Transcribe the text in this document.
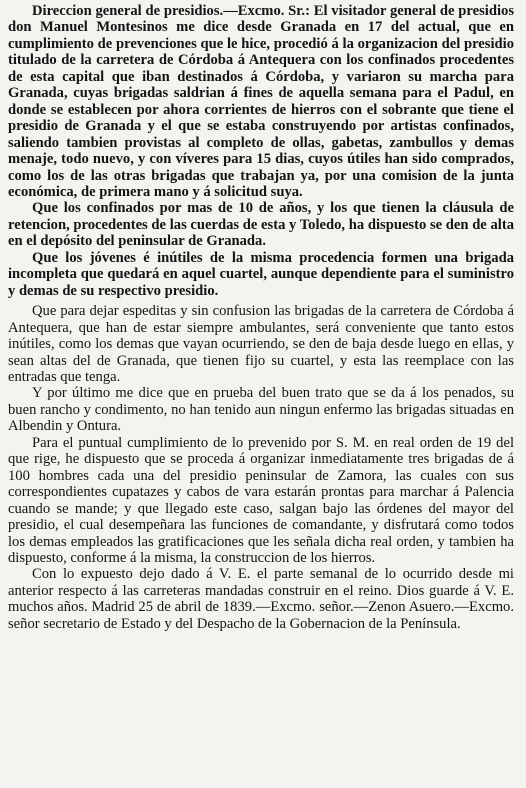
Direccion general de presidios.—Excmo. Sr.: El visitador general de presidios don Manuel Montesinos me dice desde Granada en 17 del actual, que en cumplimiento de prevenciones que le hice, procedió á la organizacion del presidio titulado de la carretera de Córdoba á Antequera con los confinados procedentes de esta capital que iban destinados á Córdoba, y variaron su marcha para Granada, cuyas brigadas saldrian á fines de aquella semana para el Padul, en donde se establecen por ahora corrientes de hierros con el sobrante que tiene el presidio de Granada y el que se estaba construyendo por artistas confinados, saliendo tambien provistas al completo de ollas, gabetas, zambullos y demas menaje, todo nuevo, y con víveres para 15 dias, cuyos útiles han sido comprados, como los de las otras brigadas que trabajan ya, por una comision de la junta económica, de primera mano y á solicitud suya.

Que los confinados por mas de 10 de años, y los que tienen la cláusula de retencion, procedentes de las cuerdas de esta y Toledo, ha dispuesto se den de alta en el depósito del peninsular de Granada.

Que los jóvenes é inútiles de la misma procedencia formen una brigada incompleta que quedará en aquel cuartel, aunque dependiente para el suministro y demas de su respectivo presidio.

Que para dejar espeditas y sin confusion las brigadas de la carretera de Córdoba á Antequera, que han de estar siempre ambulantes, será conveniente que tanto estos inútiles, como los demas que vayan ocurriendo, se den de baja desde luego en ellas, y sean altas del de Granada, que tienen fijo su cuartel, y esta las reemplace con las entradas que tenga.

Y por último me dice que en prueba del buen trato que se da á los penados, su buen rancho y condimento, no han tenido aun ningun enfermo las brigadas situadas en Albendin y Ontura.

Para el puntual cumplimiento de lo prevenido por S. M. en real orden de 19 del que rige, he dispuesto que se proceda á organizar inmediatamente tres brigadas de á 100 hombres cada una del presidio peninsular de Zamora, las cuales con sus correspondientes cupatazes y cabos de vara estarán prontas para marchar á Palencia cuando se mande; y que llegado este caso, salgan bajo las órdenes del mayor del presidio, el cual desempeñara las funciones de comandante, y disfrutará como todos los demas empleados las gratificaciones que les señala dicha real orden, y tambien ha dispuesto, conforme á la misma, la construccion de los hierros.

Con lo expuesto dejo dado á V. E. el parte semanal de lo ocurrido desde mi anterior respecto á las carreteras mandadas construir en el reino. Dios guarde á V. E. muchos años. Madrid 25 de abril de 1839.—Excmo. señor.—Zenon Asuero.—Excmo. señor secretario de Estado y del Despacho de la Gobernacion de la Península.
